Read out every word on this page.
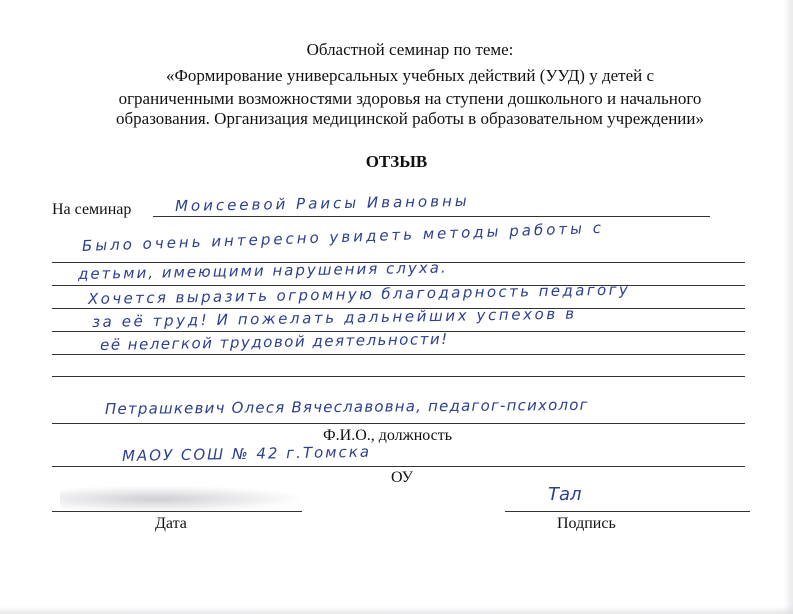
Областной семинар по теме:
«Формирование универсальных учебных действий (УУД) у детей с
ограниченными возможностями здоровья на ступени дошкольного и начального
образования. Организация медицинской работы в образовательном учреждении»
ОТЗЫВ
На семинар	Моисеевой Раисы Ивановны
Было очень интересно увидеть методы работы с
детьми, имеющими нарушения слуха.
Хочется выразить огромную благодарность педагогу
за её труд! И пожелать дальнейших успехов в
её нелегкой трудовой деятельности!
Петрашкевич Олеся Вячеславовна, педагог-психолог
Ф.И.О., должность
МАОУ СОШ № 42 г.Томска
ОУ
Дата
Тал
Подпись
